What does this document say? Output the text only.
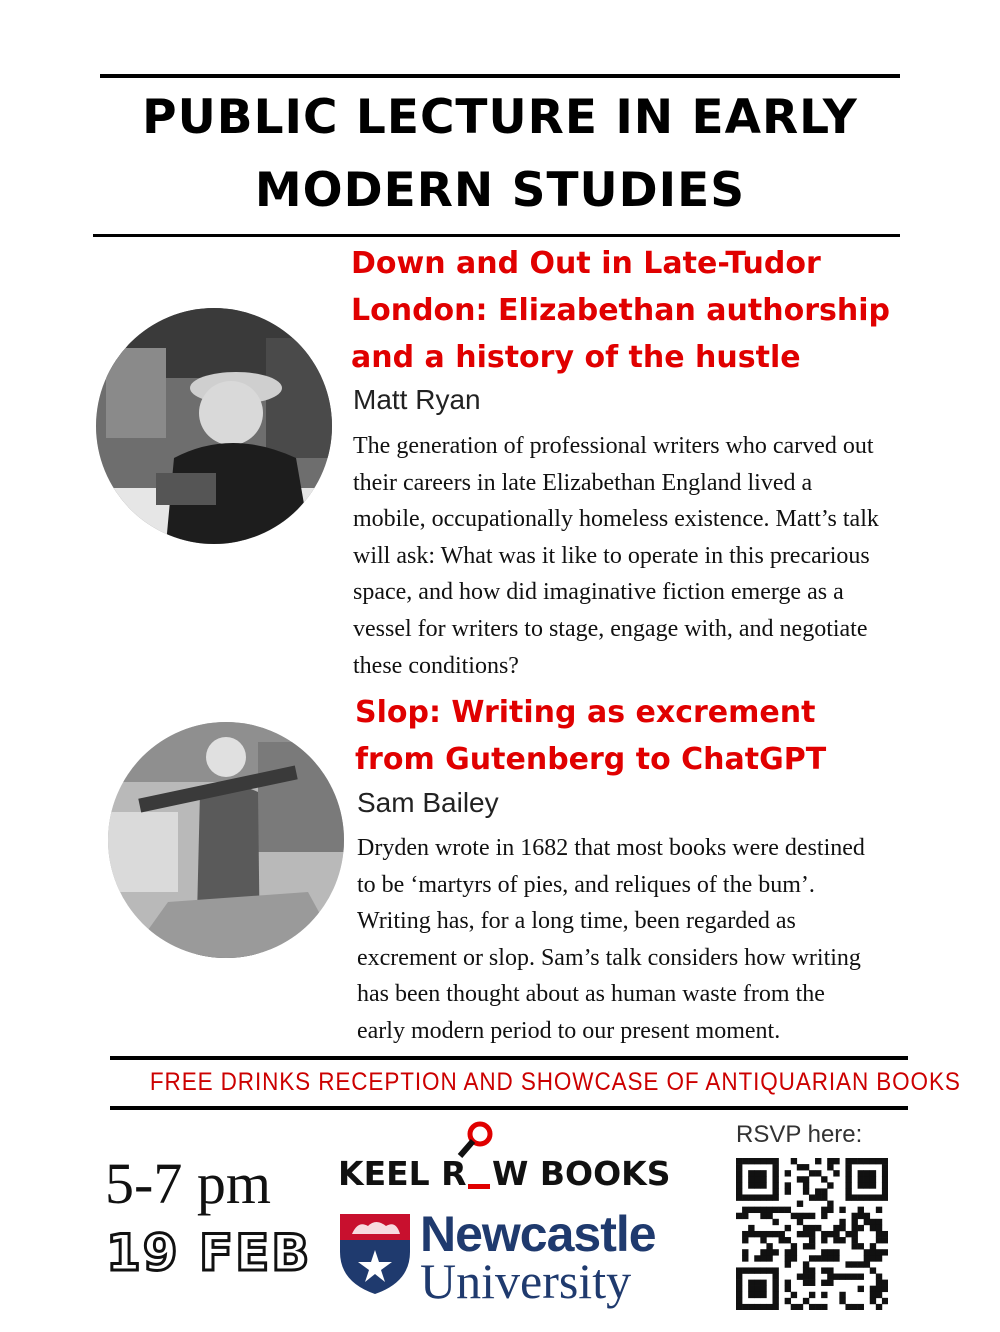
PUBLIC LECTURE IN EARLY
MODERN STUDIES
Down and Out in Late-Tudor
London: Elizabethan authorship
and a history of the hustle
Matt Ryan
The generation of professional writers who carved out
their careers in late Elizabethan England lived a
mobile, occupationally homeless existence. Matt’s talk
will ask: What was it like to operate in this precarious
space, and how did imaginative fiction emerge as a
vessel for writers to stage, engage with, and negotiate
these conditions?
Slop: Writing as excrement
from Gutenberg to ChatGPT
Sam Bailey
Dryden wrote in 1682 that most books were destined
to be ‘martyrs of pies, and reliques of the bum’.
Writing has, for a long time, been regarded as
excrement or slop. Sam’s talk considers how writing
has been thought about as human waste from the
early modern period to our present moment.
FREE DRINKS RECEPTION AND SHOWCASE OF ANTIQUARIAN BOOKS
5-7 pm
19 FEB
KEEL R W BOOKS
Newcastle
University
RSVP here:
